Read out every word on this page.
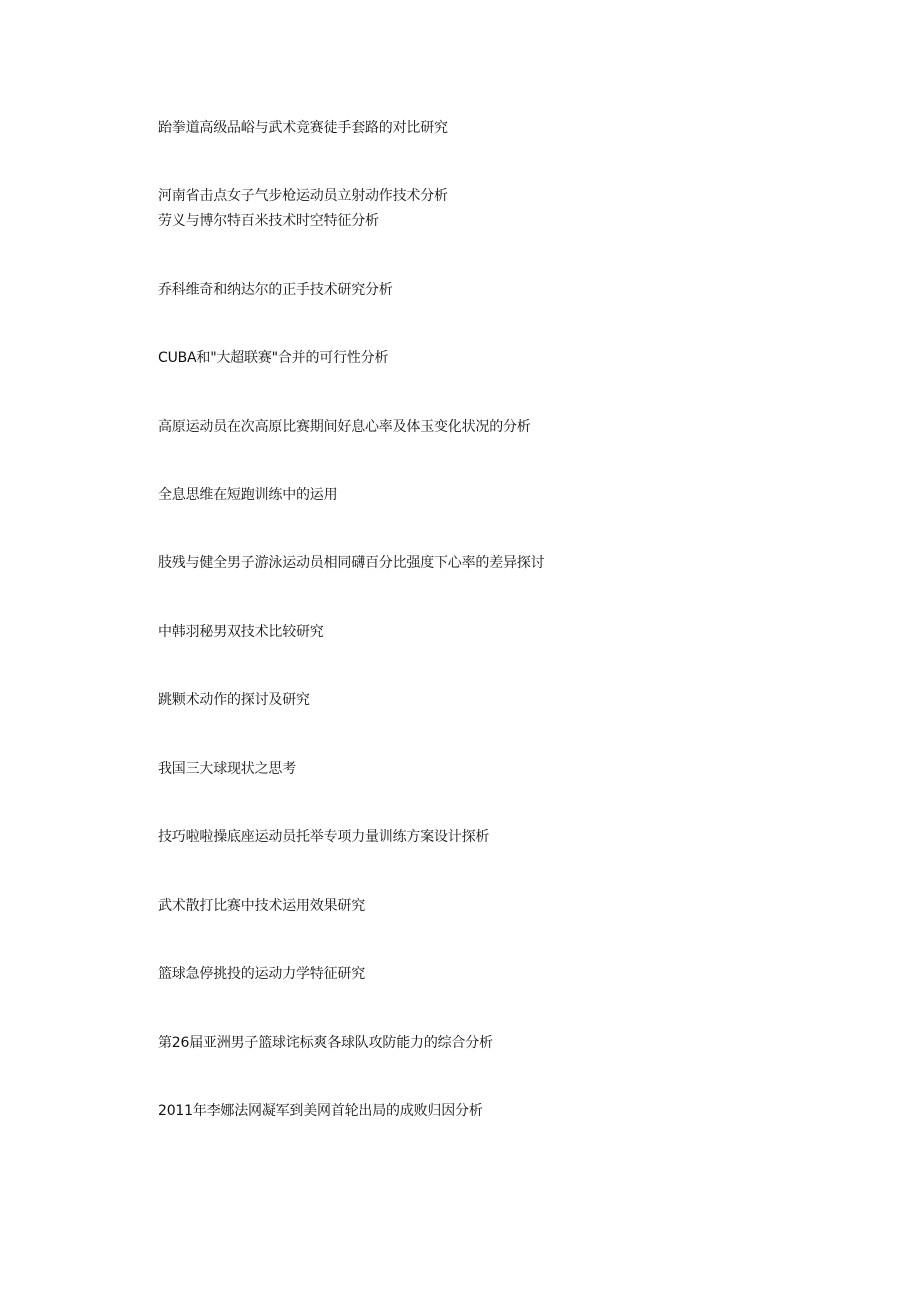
跆拳道高级品峪与武术竞赛徒手套路的对比研究
河南省击点女子气步枪运动员立射动作技术分析
劳义与博尔特百米技术时空特征分析
乔科维奇和纳达尔的正手技术研究分析
CUBA和"大超联赛"合并的可行性分析
高原运动员在次高原比赛期间好息心率及体玉变化状况的分析
全息思维在短跑训练中的运用
肢残与健全男子游泳运动员相同礴百分比强度下心率的差异探讨
中韩羽秘男双技术比较研究
跳颗术动作的探讨及研究
我国三大球现状之思考
技巧啦啦操底座运动员托举专项力量训练方案设计探析
武术散打比赛中技术运用效果研究
篮球急停挑投的运动力学特征研究
第26届亚洲男子篮球诧标爽各球队攻防能力的综合分析
2011年李娜法网凝军到美网首轮出局的成败归因分析
